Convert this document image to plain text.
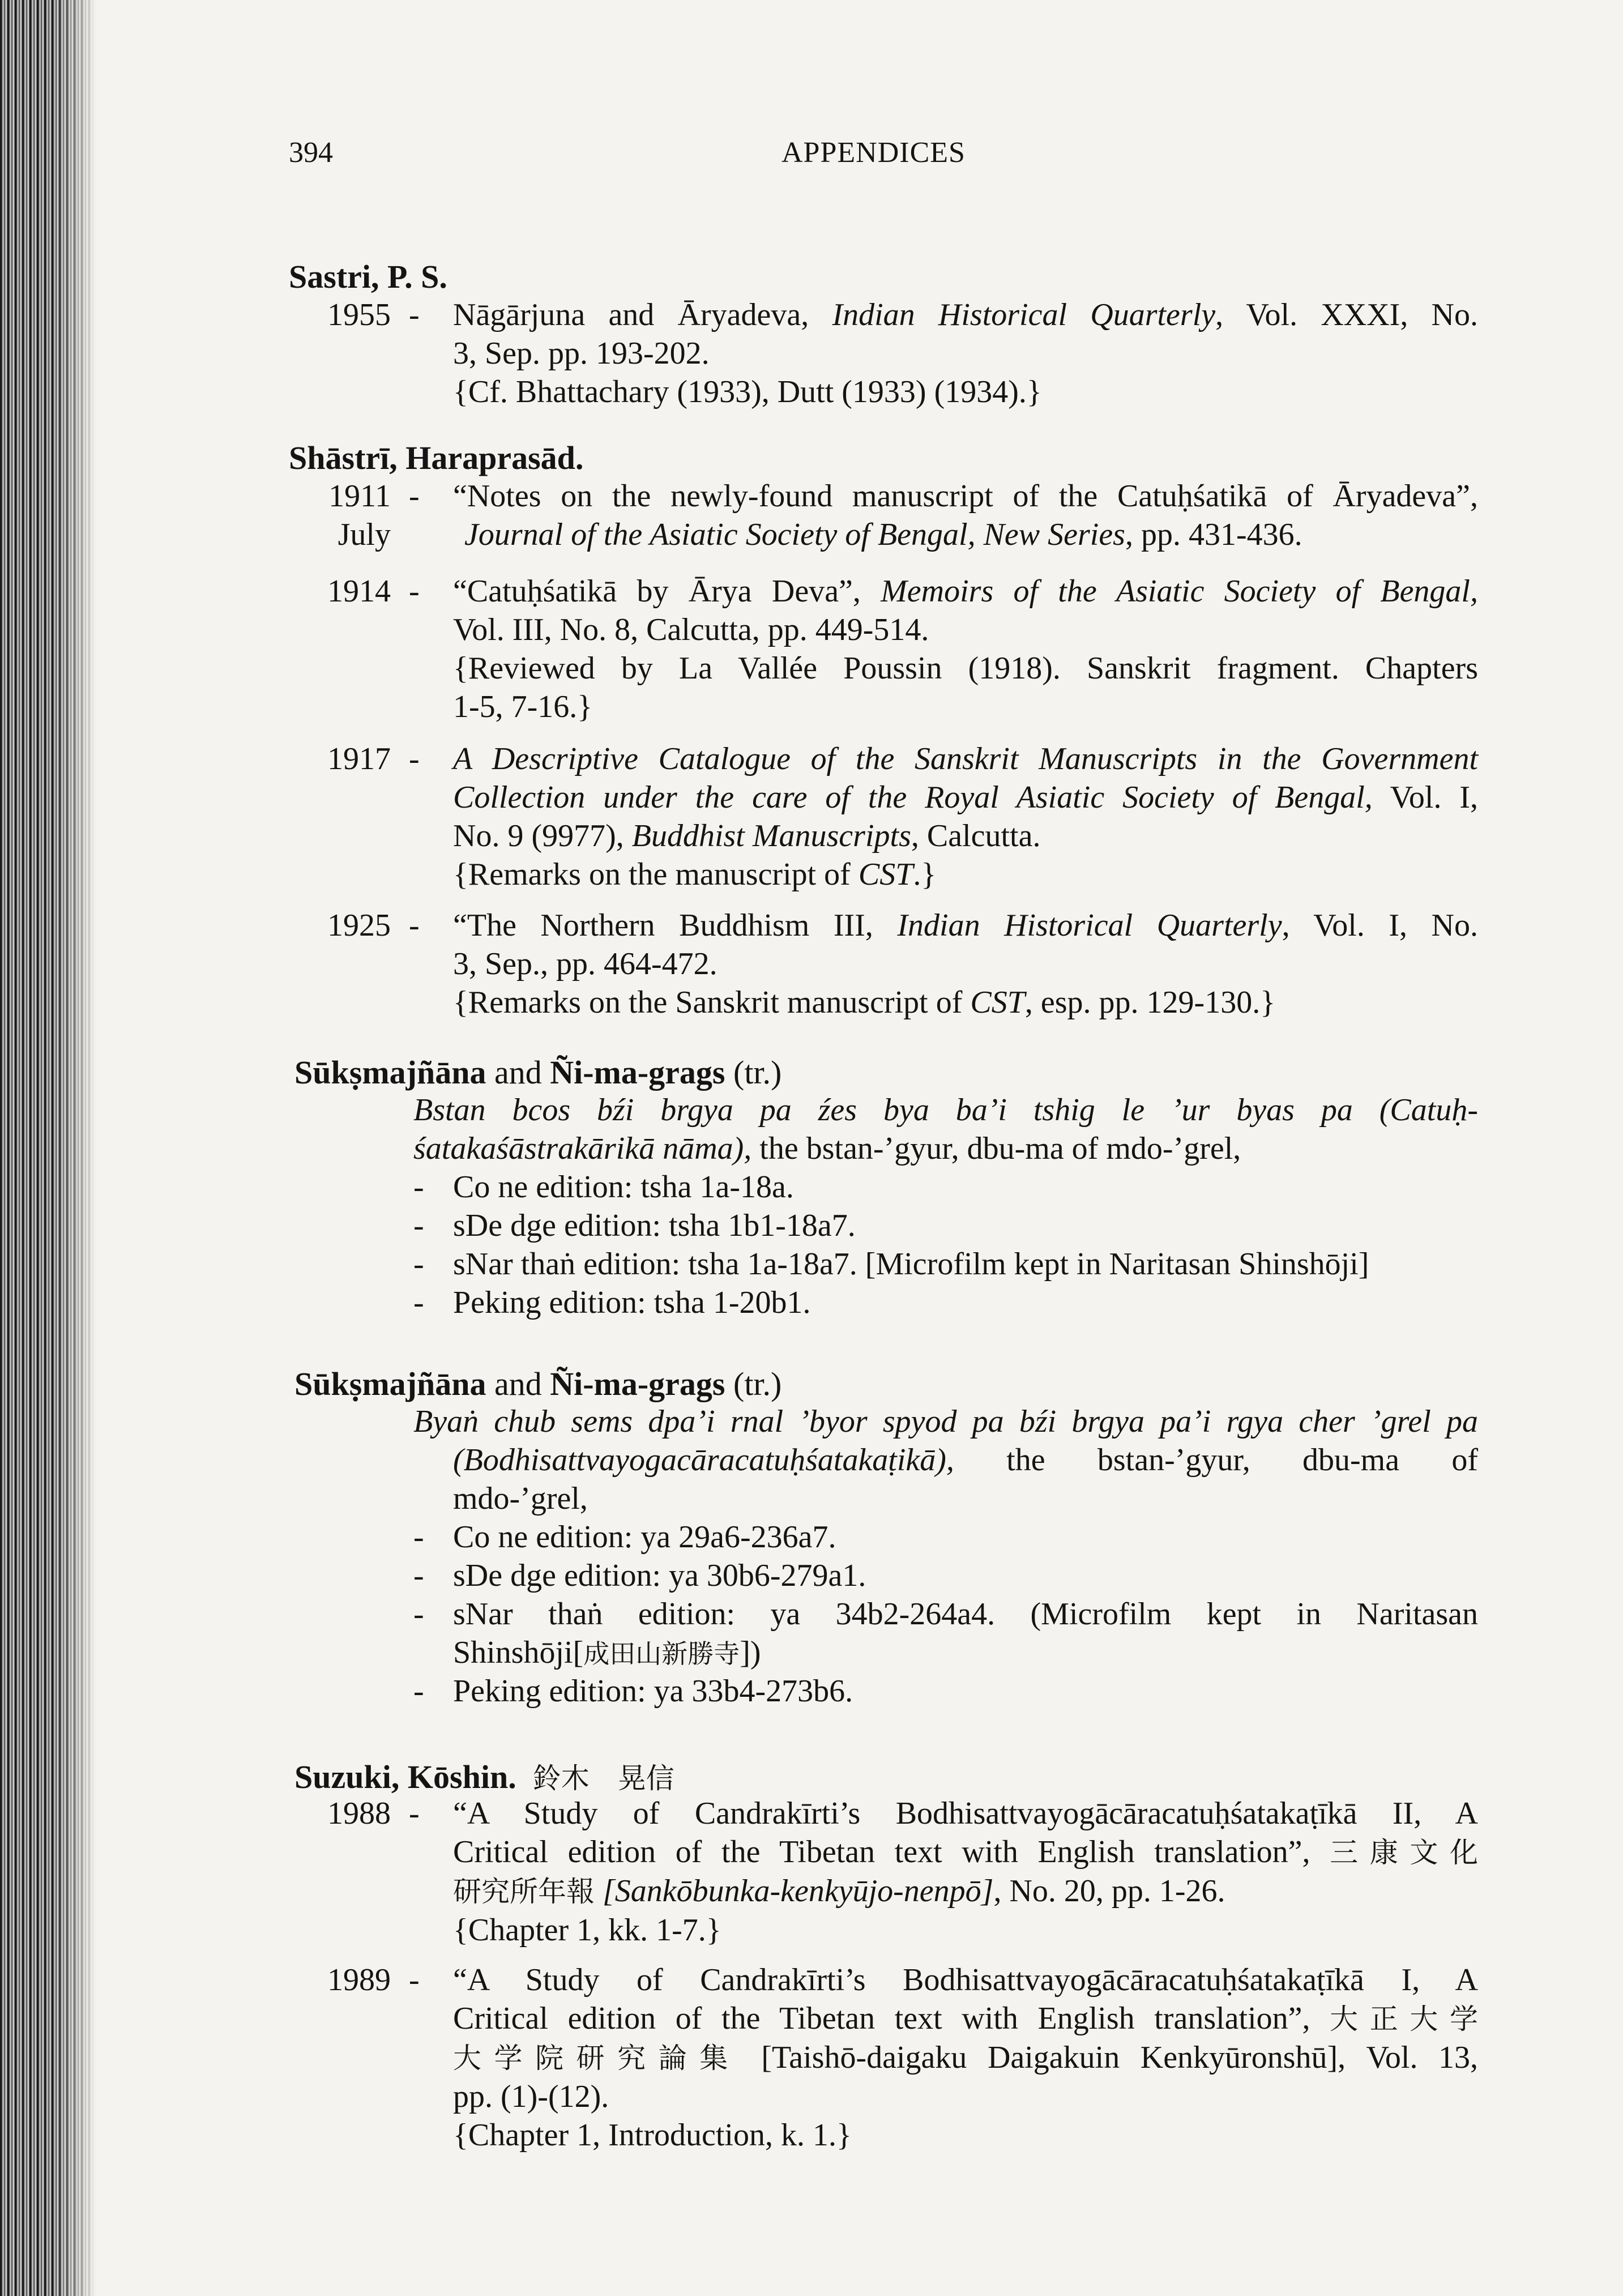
394	APPENDICES
Sastri, P. S.
1955 - Nāgārjuna and Āryadeva, Indian Historical Quarterly, Vol. XXXI, No.
3, Sep. pp. 193-202.
{Cf. Bhattachary (1933), Dutt (1933) (1934).}
Shāstrī, Haraprasād.
1911
July
- “Notes on the newly-found manuscript of the Catuḥśatikā of Āryadeva”,
Journal of the Asiatic Society of Bengal, New Series, pp. 431-436.
1914 - “Catuḥśatikā by Ārya Deva”, Memoirs of the Asiatic Society of Bengal,
Vol. III, No. 8, Calcutta, pp. 449-514.
{Reviewed by La Vallée Poussin (1918). Sanskrit fragment. Chapters
1-5, 7-16.}
1917 - A Descriptive Catalogue of the Sanskrit Manuscripts in the Government
Collection under the care of the Royal Asiatic Society of Bengal, Vol. I,
No. 9 (9977), Buddhist Manuscripts, Calcutta.
{Remarks on the manuscript of CST.}
1925 - “The Northern Buddhism III, Indian Historical Quarterly, Vol. I, No.
3, Sep., pp. 464-472.
{Remarks on the Sanskrit manuscript of CST, esp. pp. 129-130.}
Sūkṣmajñāna and Ñi-ma-grags (tr.)
Bstan bcos bźi brgya pa źes bya ba’i tshig le ’ur byas pa (Catuḥ-
śatakaśāstrakārikā nāma), the bstan-’gyur, dbu-ma of mdo-’grel,
- Co ne edition: tsha 1a-18a.
- sDe dge edition: tsha 1b1-18a7.
- sNar thaṅ edition: tsha 1a-18a7. [Microfilm kept in Naritasan Shinshōji]
- Peking edition: tsha 1-20b1.
Sūkṣmajñāna and Ñi-ma-grags (tr.)
Byaṅ chub sems dpa’i rnal ’byor spyod pa bźi brgya pa’i rgya cher ’grel pa
(Bodhisattvayogacāracatuḥśatakaṭikā), the bstan-’gyur, dbu-ma of
mdo-’grel,
- Co ne edition: ya 29a6-236a7.
- sDe dge edition: ya 30b6-279a1.
- sNar thaṅ edition: ya 34b2-264a4. (Microfilm kept in Naritasan
Shinshōji[成田山新勝寺])
- Peking edition: ya 33b4-273b6.
Suzuki, Kōshin. 鈴木　晃信
1988 - “A Study of Candrakīrti’s Bodhisattvayogācāracatuḥśatakaṭīkā II, A
Critical edition of the Tibetan text with English translation”, 三康文化
研究所年報 [Sankōbunka-kenkyūjo-nenpō], No. 20, pp. 1-26.
{Chapter 1, kk. 1-7.}
1989 - “A Study of Candrakīrti’s Bodhisattvayogācāracatuḥśatakaṭīkā I, A
Critical edition of the Tibetan text with English translation”, 大正大学
大学院研究論集 [Taishō-daigaku Daigakuin Kenkyūronshū], Vol. 13,
pp. (1)-(12).
{Chapter 1, Introduction, k. 1.}
